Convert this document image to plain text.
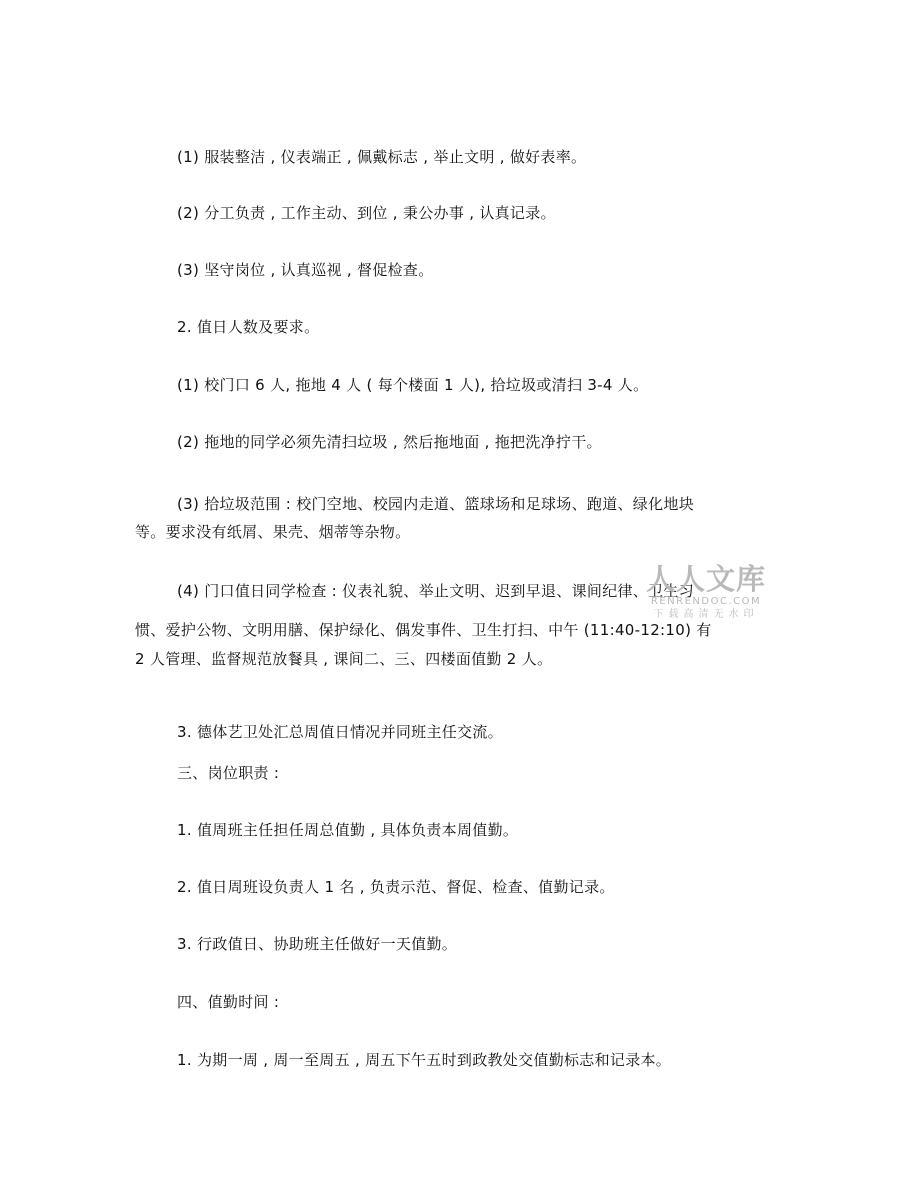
(1) 服装整洁 , 仪表端正 , 佩戴标志 , 举止文明 , 做好表率。
(2) 分工负责 , 工作主动、到位 , 秉公办事 , 认真记录。
(3) 坚守岗位 , 认真巡视 , 督促检查。
2. 值日人数及要求。
(1) 校门口 6 人, 拖地 4 人 ( 每个楼面 1 人), 拾垃圾或清扫 3-4 人。
(2) 拖地的同学必须先清扫垃圾 , 然后拖地面 , 拖把洗净拧干。
(3) 拾垃圾范围 : 校门空地、校园内走道、篮球场和足球场、跑道、绿化地块
等。要求没有纸屑、果壳、烟蒂等杂物。
(4) 门口值日同学检查 : 仪表礼貌、举止文明、迟到早退、课间纪律、卫生习
惯、爱护公物、文明用膳、保护绿化、偶发事件、卫生打扫、中午 (11:40-12:10) 有
2 人管理、监督规范放餐具 , 课间二、三、四楼面值勤 2 人。
3. 德体艺卫处汇总周值日情况并同班主任交流。
三、岗位职责 :
1. 值周班主任担任周总值勤 , 具体负责本周值勤。
2. 值日周班设负责人 1 名 , 负责示范、督促、检查、值勤记录。
3. 行政值日、协助班主任做好一天值勤。
四、值勤时间 :
1. 为期一周 , 周一至周五 , 周五下午五时到政教处交值勤标志和记录本。
人人文库
RENRENDOC.COM
下载高清无水印
